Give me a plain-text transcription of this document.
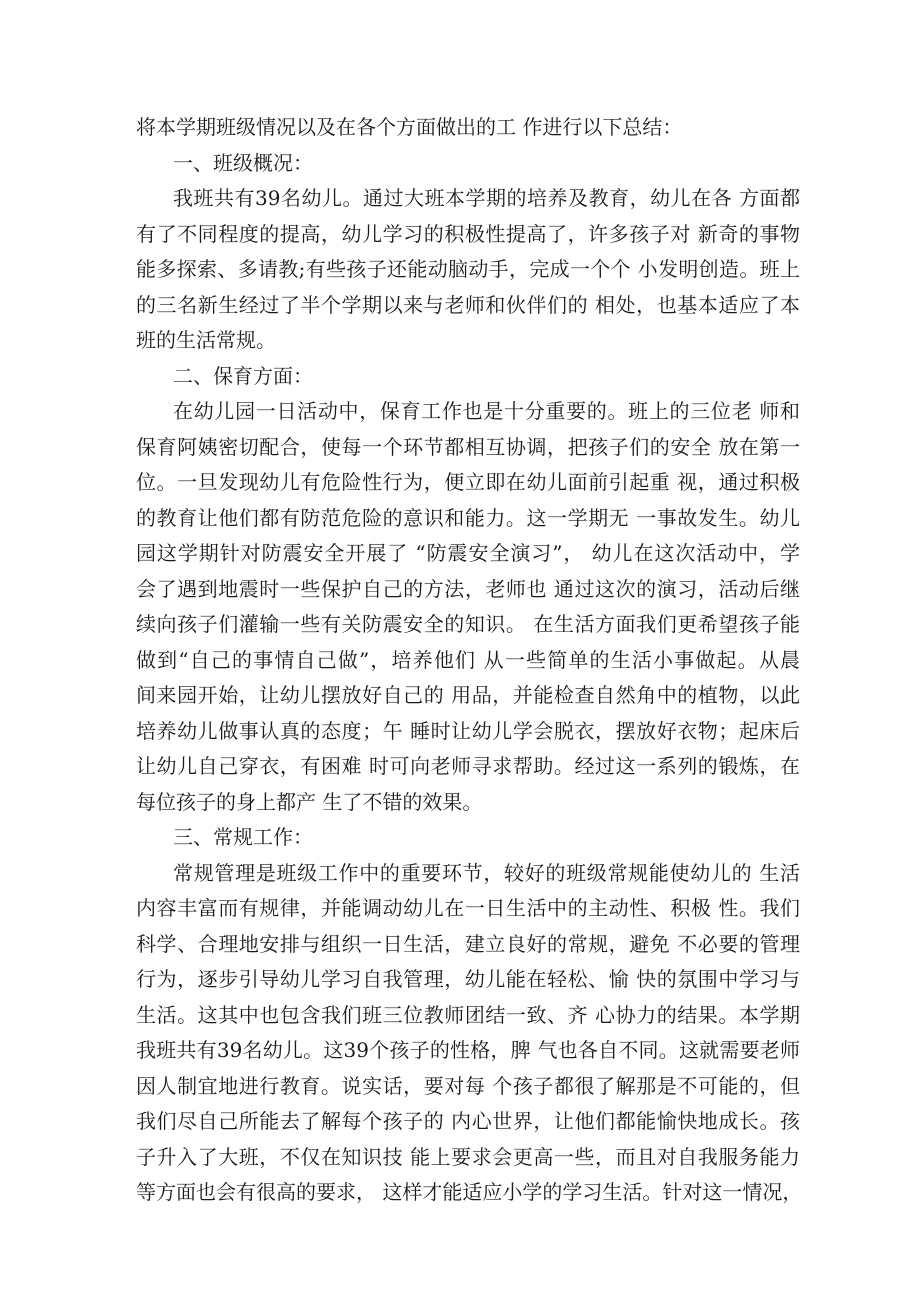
将本学期班级情况以及在各个方面做出的工 作进行以下总结：
一、班级概况：
我班共有39名幼儿。通过大班本学期的培养及教育，幼儿在各 方面都
有了不同程度的提高，幼儿学习的积极性提高了，许多孩子对 新奇的事物
能多探索、多请教;有些孩子还能动脑动手，完成一个个 小发明创造。班上
的三名新生经过了半个学期以来与老师和伙伴们的 相处，也基本适应了本
班的生活常规。
二、保育方面：
在幼儿园一日活动中，保育工作也是十分重要的。班上的三位老 师和
保育阿姨密切配合，使每一个环节都相互协调，把孩子们的安全 放在第一
位。一旦发现幼儿有危险性行为，便立即在幼儿面前引起重 视，通过积极
的教育让他们都有防范危险的意识和能力。这一学期无 一事故发生。幼儿
园这学期针对防震安全开展了 “防震安全演习”， 幼儿在这次活动中，学
会了遇到地震时一些保护自己的方法，老师也 通过这次的演习，活动后继
续向孩子们灌输一些有关防震安全的知识。 在生活方面我们更希望孩子能
做到“自己的事情自己做”，培养他们 从一些简单的生活小事做起。从晨
间来园开始，让幼儿摆放好自己的 用品，并能检查自然角中的植物，以此
培养幼儿做事认真的态度；午 睡时让幼儿学会脱衣，摆放好衣物；起床后
让幼儿自己穿衣，有困难 时可向老师寻求帮助。经过这一系列的锻炼，在
每位孩子的身上都产 生了不错的效果。
三、常规工作：
常规管理是班级工作中的重要环节，较好的班级常规能使幼儿的 生活
内容丰富而有规律，并能调动幼儿在一日生活中的主动性、积极 性。我们
科学、合理地安排与组织一日生活，建立良好的常规，避免 不必要的管理
行为，逐步引导幼儿学习自我管理，幼儿能在轻松、愉 快的氛围中学习与
生活。这其中也包含我们班三位教师团结一致、齐 心协力的结果。本学期
我班共有39名幼儿。这39个孩子的性格，脾 气也各自不同。这就需要老师
因人制宜地进行教育。说实话，要对每 个孩子都很了解那是不可能的，但
我们尽自己所能去了解每个孩子的 内心世界，让他们都能愉快地成长。孩
子升入了大班，不仅在知识技 能上要求会更高一些，而且对自我服务能力
等方面也会有很高的要求， 这样才能适应小学的学习生活。针对这一情况，
